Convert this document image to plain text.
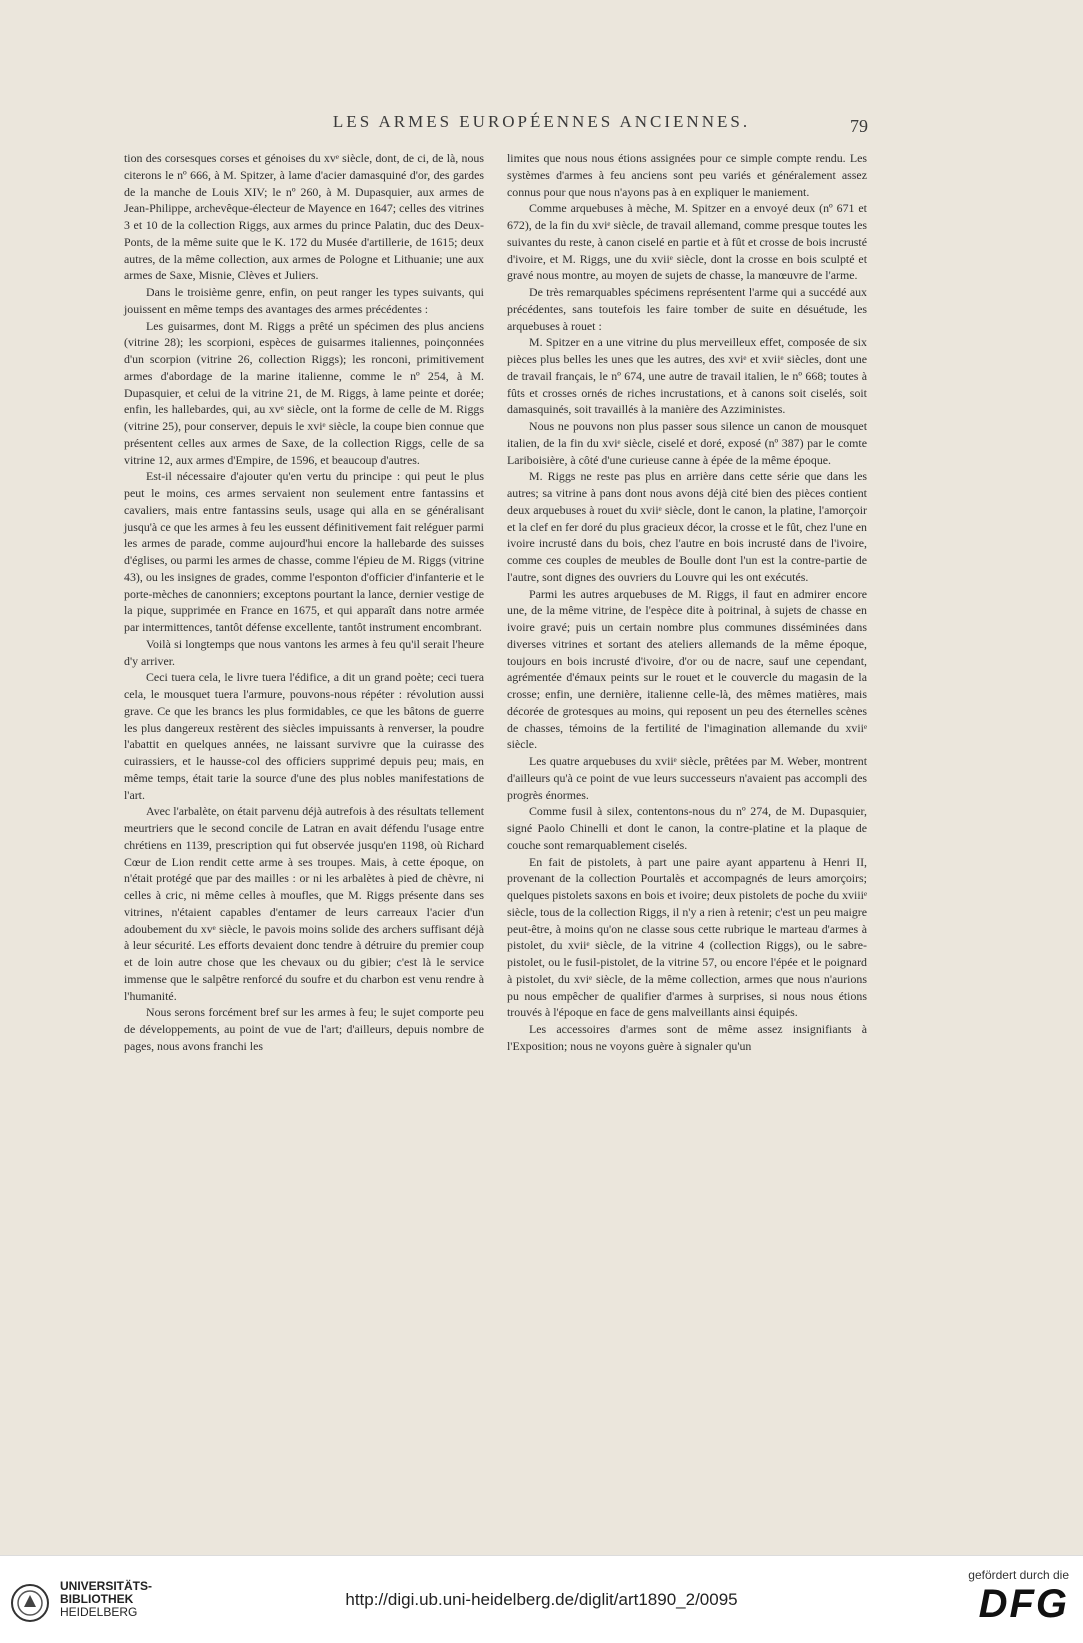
LES ARMES EUROPÉENNES ANCIENNES.	79

tion des corsesques corses et génoises du xvᵉ siècle, dont, de ci, de là, nous citerons le nº 666, à M. Spitzer, à lame d'acier damasquiné d'or, des gardes de la manche de Louis XIV; le nº 260, à M. Dupasquier, aux armes de Jean-Philippe, archevêque-électeur de Mayence en 1647; celles des vitrines 3 et 10 de la collection Riggs, aux armes du prince Palatin, duc des Deux-Ponts, de la même suite que le K. 172 du Musée d'artillerie, de 1615; deux autres, de la même collection, aux armes de Pologne et Lithuanie; une aux armes de Saxe, Misnie, Clèves et Juliers.

Dans le troisième genre, enfin, on peut ranger les types suivants, qui jouissent en même temps des avantages des armes précédentes :

Les guisarmes, dont M. Riggs a prêté un spécimen des plus anciens (vitrine 28); les scorpioni, espèces de guisarmes italiennes, poinçonnées d'un scorpion (vitrine 26, collection Riggs); les ronconi, primitivement armes d'abordage de la marine italienne, comme le nº 254, à M. Dupasquier, et celui de la vitrine 21, de M. Riggs, à lame peinte et dorée; enfin, les hallebardes, qui, au xvᵉ siècle, ont la forme de celle de M. Riggs (vitrine 25), pour conserver, depuis le xviᵉ siècle, la coupe bien connue que présentent celles aux armes de Saxe, de la collection Riggs, celle de sa vitrine 12, aux armes d'Empire, de 1596, et beaucoup d'autres.

Est-il nécessaire d'ajouter qu'en vertu du principe : qui peut le plus peut le moins, ces armes servaient non seulement entre fantassins et cavaliers, mais entre fantassins seuls, usage qui alla en se généralisant jusqu'à ce que les armes à feu les eussent définitivement fait reléguer parmi les armes de parade, comme aujourd'hui encore la hallebarde des suisses d'églises, ou parmi les armes de chasse, comme l'épieu de M. Riggs (vitrine 43), ou les insignes de grades, comme l'esponton d'officier d'infanterie et le porte-mèches de canonniers; exceptons pourtant la lance, dernier vestige de la pique, supprimée en France en 1675, et qui apparaît dans notre armée par intermittences, tantôt défense excellente, tantôt instrument encombrant.

Voilà si longtemps que nous vantons les armes à feu qu'il serait l'heure d'y arriver.

Ceci tuera cela, le livre tuera l'édifice, a dit un grand poète; ceci tuera cela, le mousquet tuera l'armure, pouvons-nous répéter : révolution aussi grave. Ce que les brancs les plus formidables, ce que les bâtons de guerre les plus dangereux restèrent des siècles impuissants à renverser, la poudre l'abattit en quelques années, ne laissant survivre que la cuirasse des cuirassiers, et le hausse-col des officiers supprimé depuis peu; mais, en même temps, était tarie la source d'une des plus nobles manifestations de l'art.

Avec l'arbalète, on était parvenu déjà autrefois à des résultats tellement meurtriers que le second concile de Latran en avait défendu l'usage entre chrétiens en 1139, prescription qui fut observée jusqu'en 1198, où Richard Cœur de Lion rendit cette arme à ses troupes. Mais, à cette époque, on n'était protégé que par des mailles : or ni les arbalètes à pied de chèvre, ni celles à cric, ni même celles à moufles, que M. Riggs présente dans ses vitrines, n'étaient capables d'entamer de leurs carreaux l'acier d'un adoubement du xvᵉ siècle, le pavois moins solide des archers suffisant déjà à leur sécurité. Les efforts devaient donc tendre à détruire du premier coup et de loin autre chose que les chevaux ou du gibier; c'est là le service immense que le salpêtre renforcé du soufre et du charbon est venu rendre à l'humanité.

Nous serons forcément bref sur les armes à feu; le sujet comporte peu de développements, au point de vue de l'art; d'ailleurs, depuis nombre de pages, nous avons franchi les

limites que nous nous étions assignées pour ce simple compte rendu. Les systèmes d'armes à feu anciens sont peu variés et généralement assez connus pour que nous n'ayons pas à en expliquer le maniement.

Comme arquebuses à mèche, M. Spitzer en a envoyé deux (nº 671 et 672), de la fin du xviᵉ siècle, de travail allemand, comme presque toutes les suivantes du reste, à canon ciselé en partie et à fût et crosse de bois incrusté d'ivoire, et M. Riggs, une du xviiᵉ siècle, dont la crosse en bois sculpté et gravé nous montre, au moyen de sujets de chasse, la manœuvre de l'arme.

De très remarquables spécimens représentent l'arme qui a succédé aux précédentes, sans toutefois les faire tomber de suite en désuétude, les arquebuses à rouet :

M. Spitzer en a une vitrine du plus merveilleux effet, composée de six pièces plus belles les unes que les autres, des xviᵉ et xviiᵉ siècles, dont une de travail français, le nº 674, une autre de travail italien, le nº 668; toutes à fûts et crosses ornés de riches incrustations, et à canons soit ciselés, soit damasquinés, soit travaillés à la manière des Azziministes.

Nous ne pouvons non plus passer sous silence un canon de mousquet italien, de la fin du xviᵉ siècle, ciselé et doré, exposé (nº 387) par le comte Lariboisière, à côté d'une curieuse canne à épée de la même époque.

M. Riggs ne reste pas plus en arrière dans cette série que dans les autres; sa vitrine à pans dont nous avons déjà cité bien des pièces contient deux arquebuses à rouet du xviiᵉ siècle, dont le canon, la platine, l'amorçoir et la clef en fer doré du plus gracieux décor, la crosse et le fût, chez l'une en ivoire incrusté dans du bois, chez l'autre en bois incrusté dans de l'ivoire, comme ces couples de meubles de Boulle dont l'un est la contre-partie de l'autre, sont dignes des ouvriers du Louvre qui les ont exécutés.

Parmi les autres arquebuses de M. Riggs, il faut en admirer encore une, de la même vitrine, de l'espèce dite à poitrinal, à sujets de chasse en ivoire gravé; puis un certain nombre plus communes disséminées dans diverses vitrines et sortant des ateliers allemands de la même époque, toujours en bois incrusté d'ivoire, d'or ou de nacre, sauf une cependant, agrémentée d'émaux peints sur le rouet et le couvercle du magasin de la crosse; enfin, une dernière, italienne celle-là, des mêmes matières, mais décorée de grotesques au moins, qui reposent un peu des éternelles scènes de chasses, témoins de la fertilité de l'imagination allemande du xviiᵉ siècle.

Les quatre arquebuses du xviiᵉ siècle, prêtées par M. Weber, montrent d'ailleurs qu'à ce point de vue leurs successeurs n'avaient pas accompli des progrès énormes.

Comme fusil à silex, contentons-nous du nº 274, de M. Dupasquier, signé Paolo Chinelli et dont le canon, la contre-platine et la plaque de couche sont remarquablement ciselés.

En fait de pistolets, à part une paire ayant appartenu à Henri II, provenant de la collection Pourtalès et accompagnés de leurs amorçoirs; quelques pistolets saxons en bois et ivoire; deux pistolets de poche du xviiiᵉ siècle, tous de la collection Riggs, il n'y a rien à retenir; c'est un peu maigre peut-être, à moins qu'on ne classe sous cette rubrique le marteau d'armes à pistolet, du xviiᵉ siècle, de la vitrine 4 (collection Riggs), ou le sabre-pistolet, ou le fusil-pistolet, de la vitrine 57, ou encore l'épée et le poignard à pistolet, du xviᵉ siècle, de la même collection, armes que nous n'aurions pu nous empêcher de qualifier d'armes à surprises, si nous nous étions trouvés à l'époque en face de gens malveillants ainsi équipés.

Les accessoires d'armes sont de même assez insignifiants à l'Exposition; nous ne voyons guère à signaler qu'un

UNIVERSITÄTS-
BIBLIOTHEK
HEIDELBERG
http://digi.ub.uni-heidelberg.de/diglit/art1890_2/0095
gefördert durch die
DFG
